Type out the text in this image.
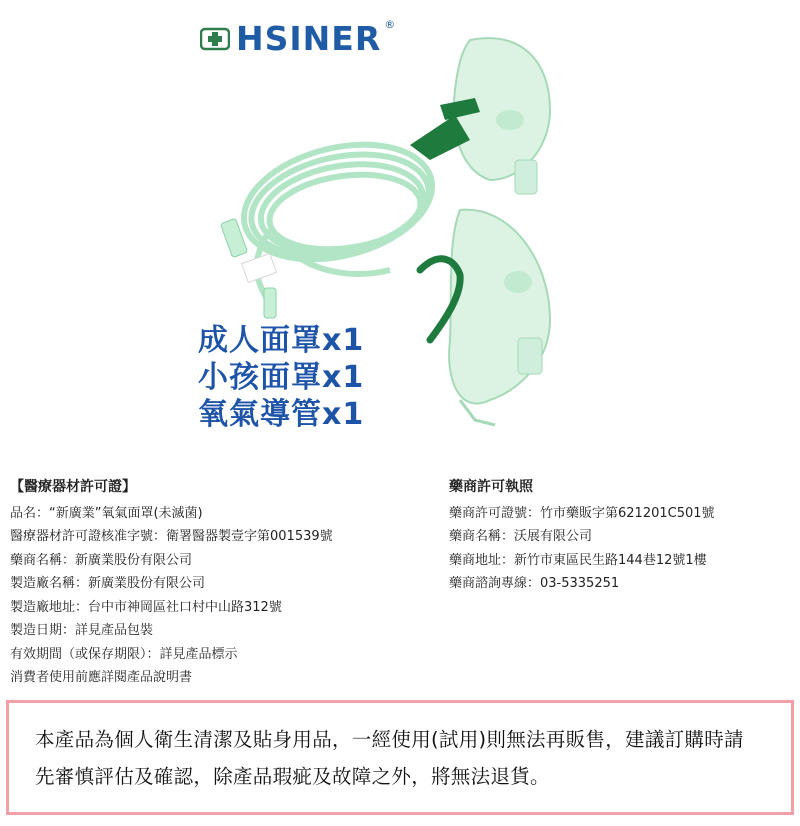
HSINER ®
成人面罩x1
小孩面罩x1
氧氣導管x1
【醫療器材許可證】
品名：“新廣業”氧氣面罩(未滅菌)
醫療器材許可證核准字號：衛署醫器製壹字第001539號
藥商名稱：新廣業股份有限公司
製造廠名稱：新廣業股份有限公司
製造廠地址：台中市神岡區社口村中山路312號
製造日期：詳見產品包裝
有效期間（或保存期限）：詳見產品標示
消費者使用前應詳閱產品說明書
藥商許可執照
藥商許可證號：竹市藥販字第621201C501號
藥商名稱：沃展有限公司
藥商地址：新竹市東區民生路144巷12號1樓
藥商諮詢專線：03-5335251

本產品為個人衛生清潔及貼身用品，一經使用(試用)則無法再販售，建議訂購時請先審慎評估及確認，除產品瑕疵及故障之外，將無法退貨。
